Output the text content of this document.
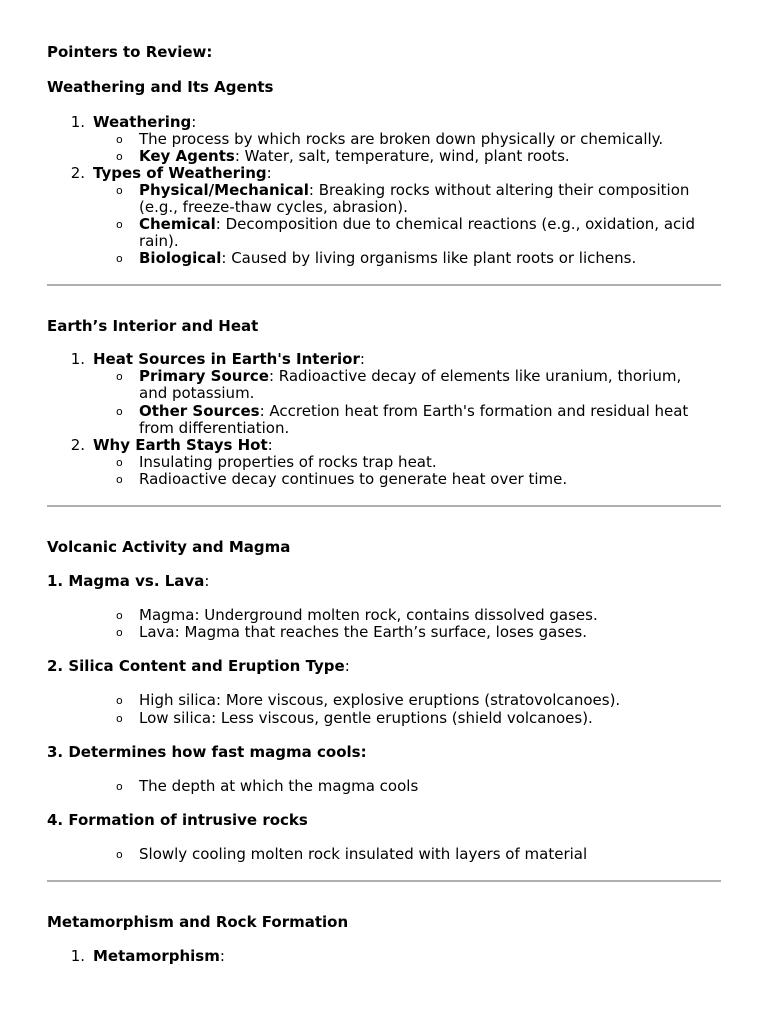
Pointers to Review:
Weathering and Its Agents
1. Weathering:
o The process by which rocks are broken down physically or chemically.
o Key Agents: Water, salt, temperature, wind, plant roots.
2. Types of Weathering:
o Physical/Mechanical: Breaking rocks without altering their composition
(e.g., freeze-thaw cycles, abrasion).
o Chemical: Decomposition due to chemical reactions (e.g., oxidation, acid
rain).
o Biological: Caused by living organisms like plant roots or lichens.
Earth’s Interior and Heat
1. Heat Sources in Earth's Interior:
o Primary Source: Radioactive decay of elements like uranium, thorium,
and potassium.
o Other Sources: Accretion heat from Earth's formation and residual heat
from differentiation.
2. Why Earth Stays Hot:
o Insulating properties of rocks trap heat.
o Radioactive decay continues to generate heat over time.
Volcanic Activity and Magma
1. Magma vs. Lava:
o Magma: Underground molten rock, contains dissolved gases.
o Lava: Magma that reaches the Earth’s surface, loses gases.
2. Silica Content and Eruption Type:
o High silica: More viscous, explosive eruptions (stratovolcanoes).
o Low silica: Less viscous, gentle eruptions (shield volcanoes).
3. Determines how fast magma cools:
o The depth at which the magma cools
4. Formation of intrusive rocks
o Slowly cooling molten rock insulated with layers of material
Metamorphism and Rock Formation
1. Metamorphism:
